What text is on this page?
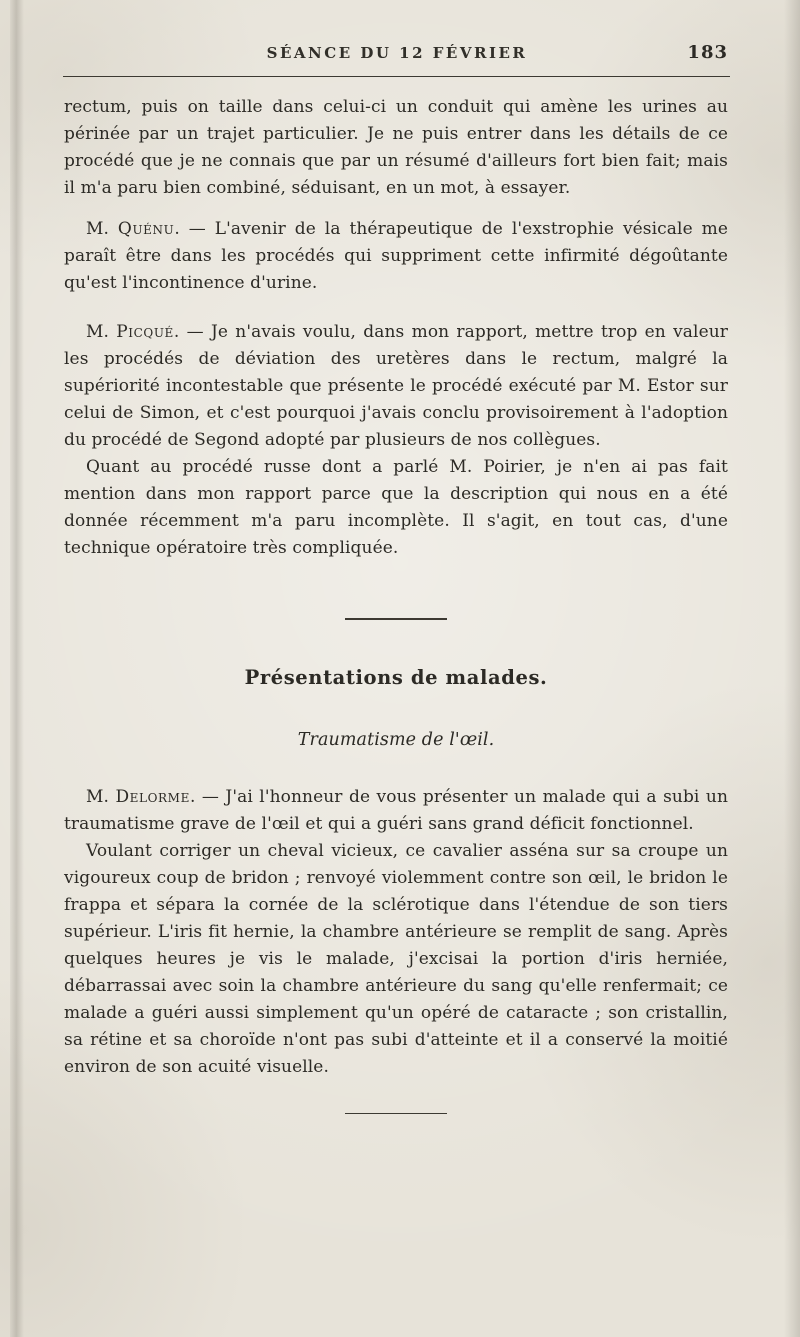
SÉANCE DU 12 FÉVRIER	183

rectum, puis on taille dans celui-ci un conduit qui amène les urines au périnée par un trajet particulier. Je ne puis entrer dans les détails de ce procédé que je ne connais que par un résumé d'ailleurs fort bien fait; mais il m'a paru bien combiné, séduisant, en un mot, à essayer.

M. Quénu. — L'avenir de la thérapeutique de l'exstrophie vésicale me paraît être dans les procédés qui suppriment cette infirmité dégoûtante qu'est l'incontinence d'urine.

M. Picqué. — Je n'avais voulu, dans mon rapport, mettre trop en valeur les procédés de déviation des uretères dans le rectum, malgré la supériorité incontestable que présente le procédé exécuté par M. Estor sur celui de Simon, et c'est pourquoi j'avais conclu provisoirement à l'adoption du procédé de Segond adopté par plusieurs de nos collègues.

Quant au procédé russe dont a parlé M. Poirier, je n'en ai pas fait mention dans mon rapport parce que la description qui nous en a été donnée récemment m'a paru incomplète. Il s'agit, en tout cas, d'une technique opératoire très compliquée.

Présentations de malades.
Traumatisme de l'œil.

M. Delorme. — J'ai l'honneur de vous présenter un malade qui a subi un traumatisme grave de l'œil et qui a guéri sans grand déficit fonctionnel.

Voulant corriger un cheval vicieux, ce cavalier asséna sur sa croupe un vigoureux coup de bridon ; renvoyé violemment contre son œil, le bridon le frappa et sépara la cornée de la sclérotique dans l'étendue de son tiers supérieur. L'iris fit hernie, la chambre antérieure se remplit de sang. Après quelques heures je vis le malade, j'excisai la portion d'iris herniée, débarrassai avec soin la chambre antérieure du sang qu'elle renfermait; ce malade a guéri aussi simplement qu'un opéré de cataracte ; son cristallin, sa rétine et sa choroïde n'ont pas subi d'atteinte et il a conservé la moitié environ de son acuité visuelle.
